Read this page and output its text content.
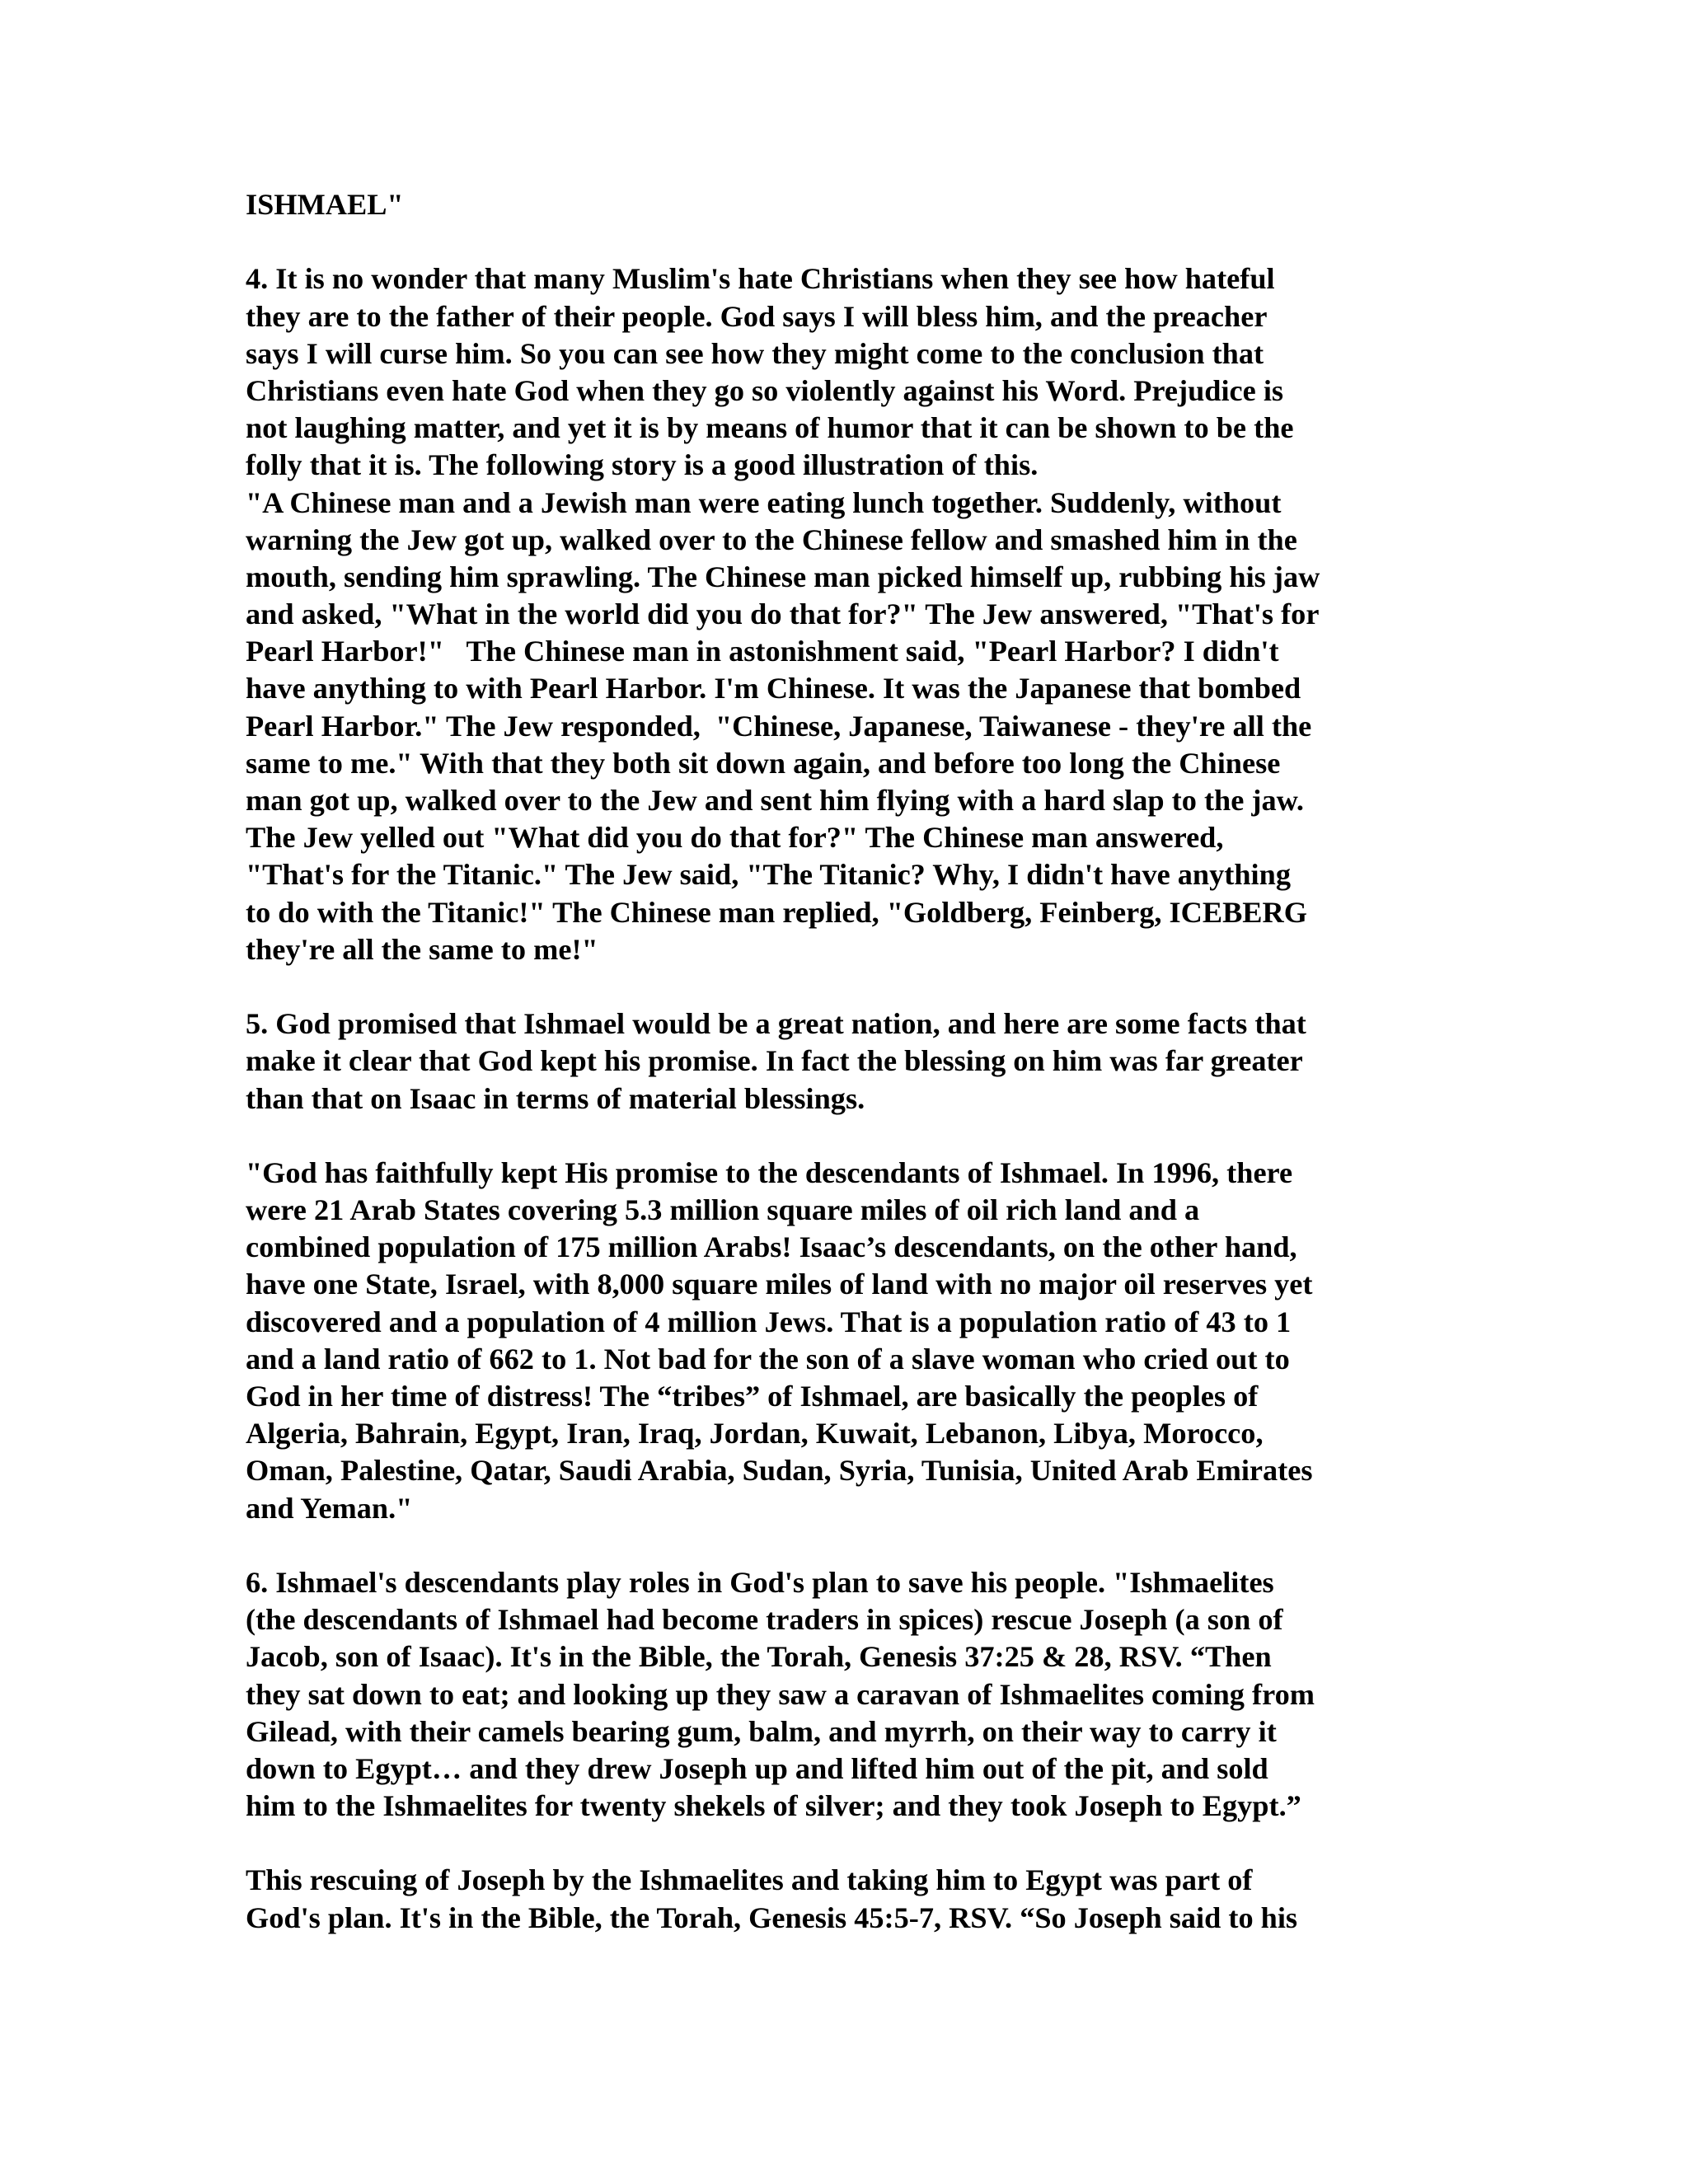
ISHMAEL"
4. It is no wonder that many Muslim's hate Christians when they see how hateful
they are to the father of their people. God says I will bless him, and the preacher
says I will curse him. So you can see how they might come to the conclusion that
Christians even hate God when they go so violently against his Word. Prejudice is
not laughing matter, and yet it is by means of humor that it can be shown to be the
folly that it is. The following story is a good illustration of this.
"A Chinese man and a Jewish man were eating lunch together. Suddenly, without
warning the Jew got up, walked over to the Chinese fellow and smashed him in the
mouth, sending him sprawling. The Chinese man picked himself up, rubbing his jaw
and asked, "What in the world did you do that for?" The Jew answered, "That's for
Pearl Harbor!"   The Chinese man in astonishment said, "Pearl Harbor? I didn't
have anything to with Pearl Harbor. I'm Chinese. It was the Japanese that bombed
Pearl Harbor." The Jew responded,  "Chinese, Japanese, Taiwanese - they're all the
same to me." With that they both sit down again, and before too long the Chinese
man got up, walked over to the Jew and sent him flying with a hard slap to the jaw.
The Jew yelled out "What did you do that for?" The Chinese man answered,
"That's for the Titanic." The Jew said, "The Titanic? Why, I didn't have anything
to do with the Titanic!" The Chinese man replied, "Goldberg, Feinberg, ICEBERG
they're all the same to me!"
5. God promised that Ishmael would be a great nation, and here are some facts that
make it clear that God kept his promise. In fact the blessing on him was far greater
than that on Isaac in terms of material blessings.
"God has faithfully kept His promise to the descendants of Ishmael. In 1996, there
were 21 Arab States covering 5.3 million square miles of oil rich land and a
combined population of 175 million Arabs! Isaac’s descendants, on the other hand,
have one State, Israel, with 8,000 square miles of land with no major oil reserves yet
discovered and a population of 4 million Jews. That is a population ratio of 43 to 1
and a land ratio of 662 to 1. Not bad for the son of a slave woman who cried out to
God in her time of distress! The “tribes” of Ishmael, are basically the peoples of
Algeria, Bahrain, Egypt, Iran, Iraq, Jordan, Kuwait, Lebanon, Libya, Morocco,
Oman, Palestine, Qatar, Saudi Arabia, Sudan, Syria, Tunisia, United Arab Emirates
and Yeman."
6. Ishmael's descendants play roles in God's plan to save his people. "Ishmaelites
(the descendants of Ishmael had become traders in spices) rescue Joseph (a son of
Jacob, son of Isaac). It's in the Bible, the Torah, Genesis 37:25 & 28, RSV. “Then
they sat down to eat; and looking up they saw a caravan of Ishmaelites coming from
Gilead, with their camels bearing gum, balm, and myrrh, on their way to carry it
down to Egypt… and they drew Joseph up and lifted him out of the pit, and sold
him to the Ishmaelites for twenty shekels of silver; and they took Joseph to Egypt.”
This rescuing of Joseph by the Ishmaelites and taking him to Egypt was part of
God's plan. It's in the Bible, the Torah, Genesis 45:5-7, RSV. “So Joseph said to his
